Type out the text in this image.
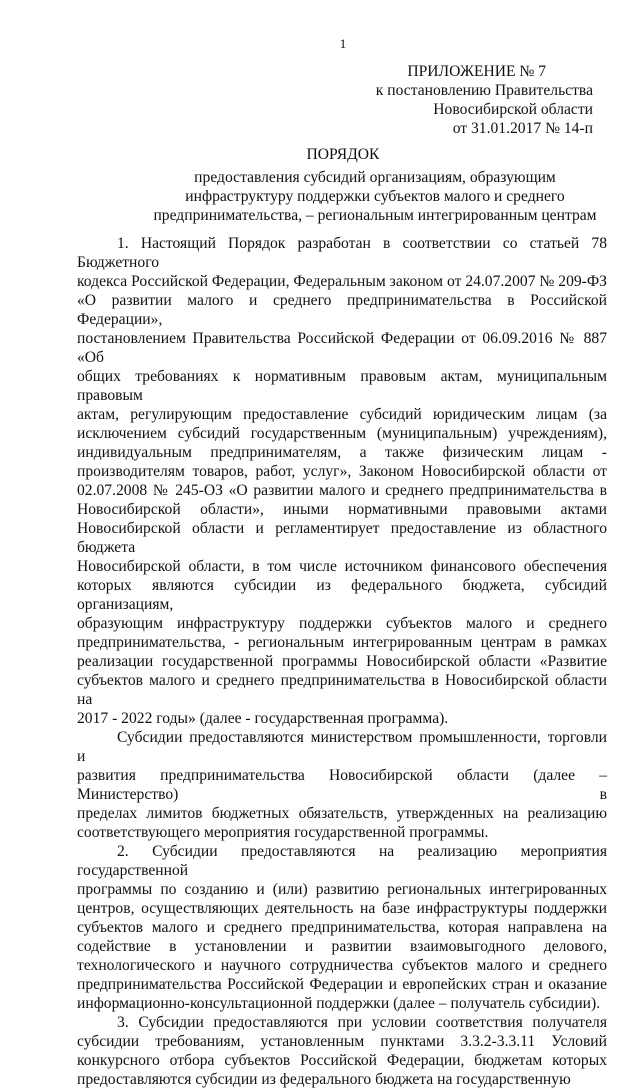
1
ПРИЛОЖЕНИЕ № 7
к постановлению Правительства
Новосибирской области
от 31.01.2017 № 14-п
ПОРЯДОК
предоставления субсидий организациям, образующим инфраструктуру поддержки субъектов малого и среднего предпринимательства, – региональным интегрированным центрам
1. Настоящий Порядок разработан в соответствии со статьей 78 Бюджетного
кодекса Российской Федерации, Федеральным законом от 24.07.2007 № 209-ФЗ
«О развитии малого и среднего предпринимательства в Российской Федерации»,
постановлением Правительства Российской Федерации от 06.09.2016 № 887 «Об
общих требованиях к нормативным правовым актам, муниципальным правовым
актам, регулирующим предоставление субсидий юридическим лицам (за
исключением субсидий государственным (муниципальным) учреждениям),
индивидуальным предпринимателям, а также физическим лицам -
производителям товаров, работ, услуг», Законом Новосибирской области от
02.07.2008 № 245-ОЗ «О развитии малого и среднего предпринимательства в
Новосибирской области», иными нормативными правовыми актами
Новосибирской области и регламентирует предоставление из областного бюджета
Новосибирской области, в том числе источником финансового обеспечения
которых являются субсидии из федерального бюджета, субсидий организациям,
образующим инфраструктуру поддержки субъектов малого и среднего
предпринимательства, - региональным интегрированным центрам в рамках
реализации государственной программы Новосибирской области «Развитие
субъектов малого и среднего предпринимательства в Новосибирской области на
2017 - 2022 годы» (далее - государственная программа).
Субсидии предоставляются министерством промышленности, торговли и
развития предпринимательства Новосибирской области (далее – Министерство) в
пределах лимитов бюджетных обязательств, утвержденных на реализацию
соответствующего мероприятия государственной программы.
2. Субсидии предоставляются на реализацию мероприятия государственной
программы по созданию и (или) развитию региональных интегрированных
центров, осуществляющих деятельность на базе инфраструктуры поддержки
субъектов малого и среднего предпринимательства, которая направлена на
содействие в установлении и развитии взаимовыгодного делового,
технологического и научного сотрудничества субъектов малого и среднего
предпринимательства Российской Федерации и европейских стран и оказание
информационно-консультационной поддержки (далее – получатель субсидии).
3. Субсидии предоставляются при условии соответствия получателя
субсидии требованиям, установленным пунктами 3.3.2-3.3.11 Условий
конкурсного отбора субъектов Российской Федерации, бюджетам которых
предоставляются субсидии из федерального бюджета на государственную
